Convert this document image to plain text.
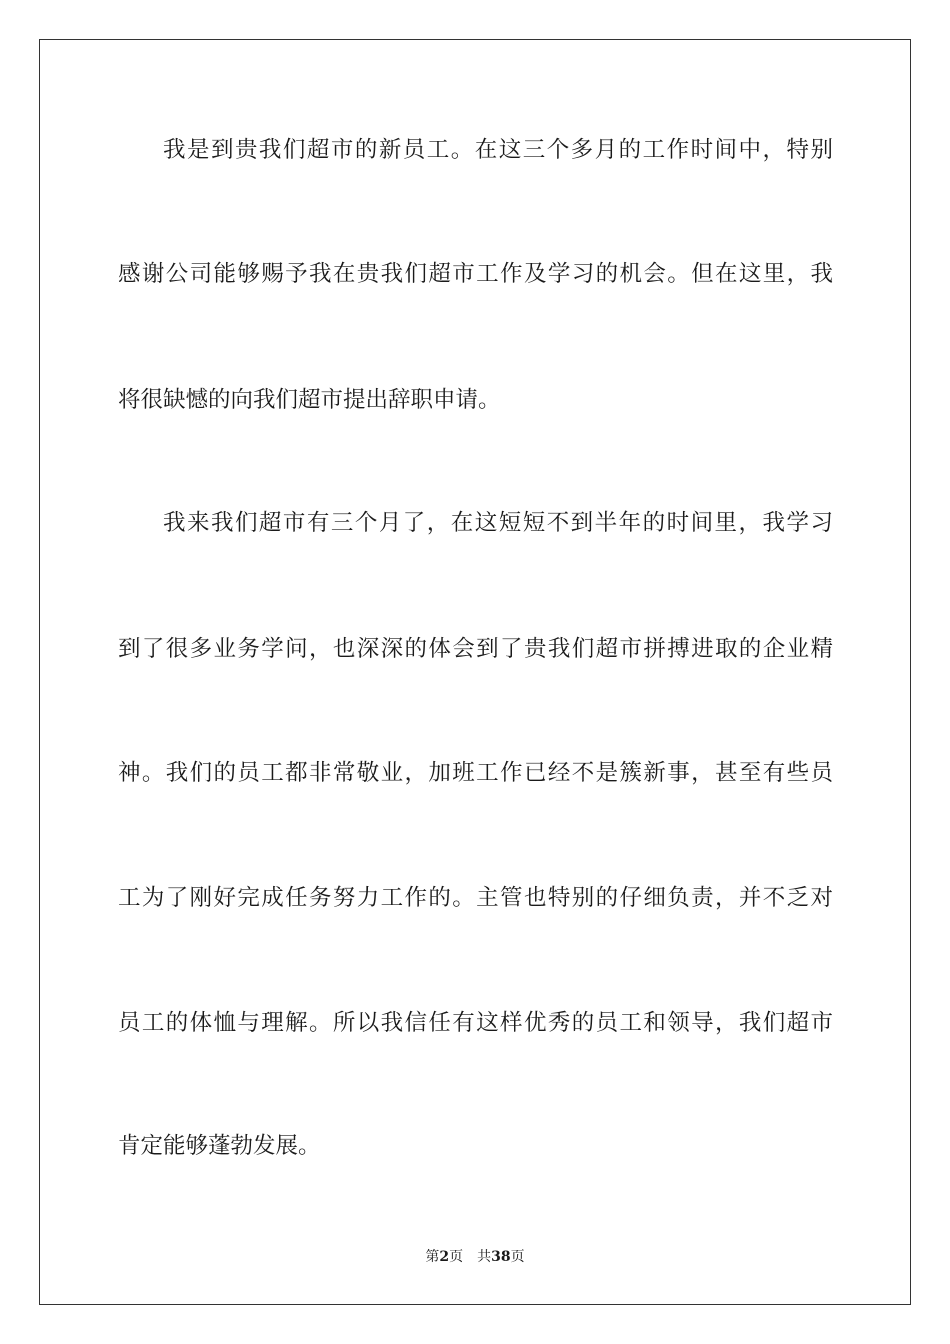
我是到贵我们超市的新员工。在这三个多月的工作时间中，特别
感谢公司能够赐予我在贵我们超市工作及学习的机会。但在这里，我
将很缺憾的向我们超市提出辞职申请。
我来我们超市有三个月了，在这短短不到半年的时间里，我学习
到了很多业务学问，也深深的体会到了贵我们超市拼搏进取的企业精
神。我们的员工都非常敬业，加班工作已经不是簇新事，甚至有些员
工为了刚好完成任务努力工作的。主管也特别的仔细负责，并不乏对
员工的体恤与理解。所以我信任有这样优秀的员工和领导，我们超市
肯定能够蓬勃发展。
第2页 共38页
